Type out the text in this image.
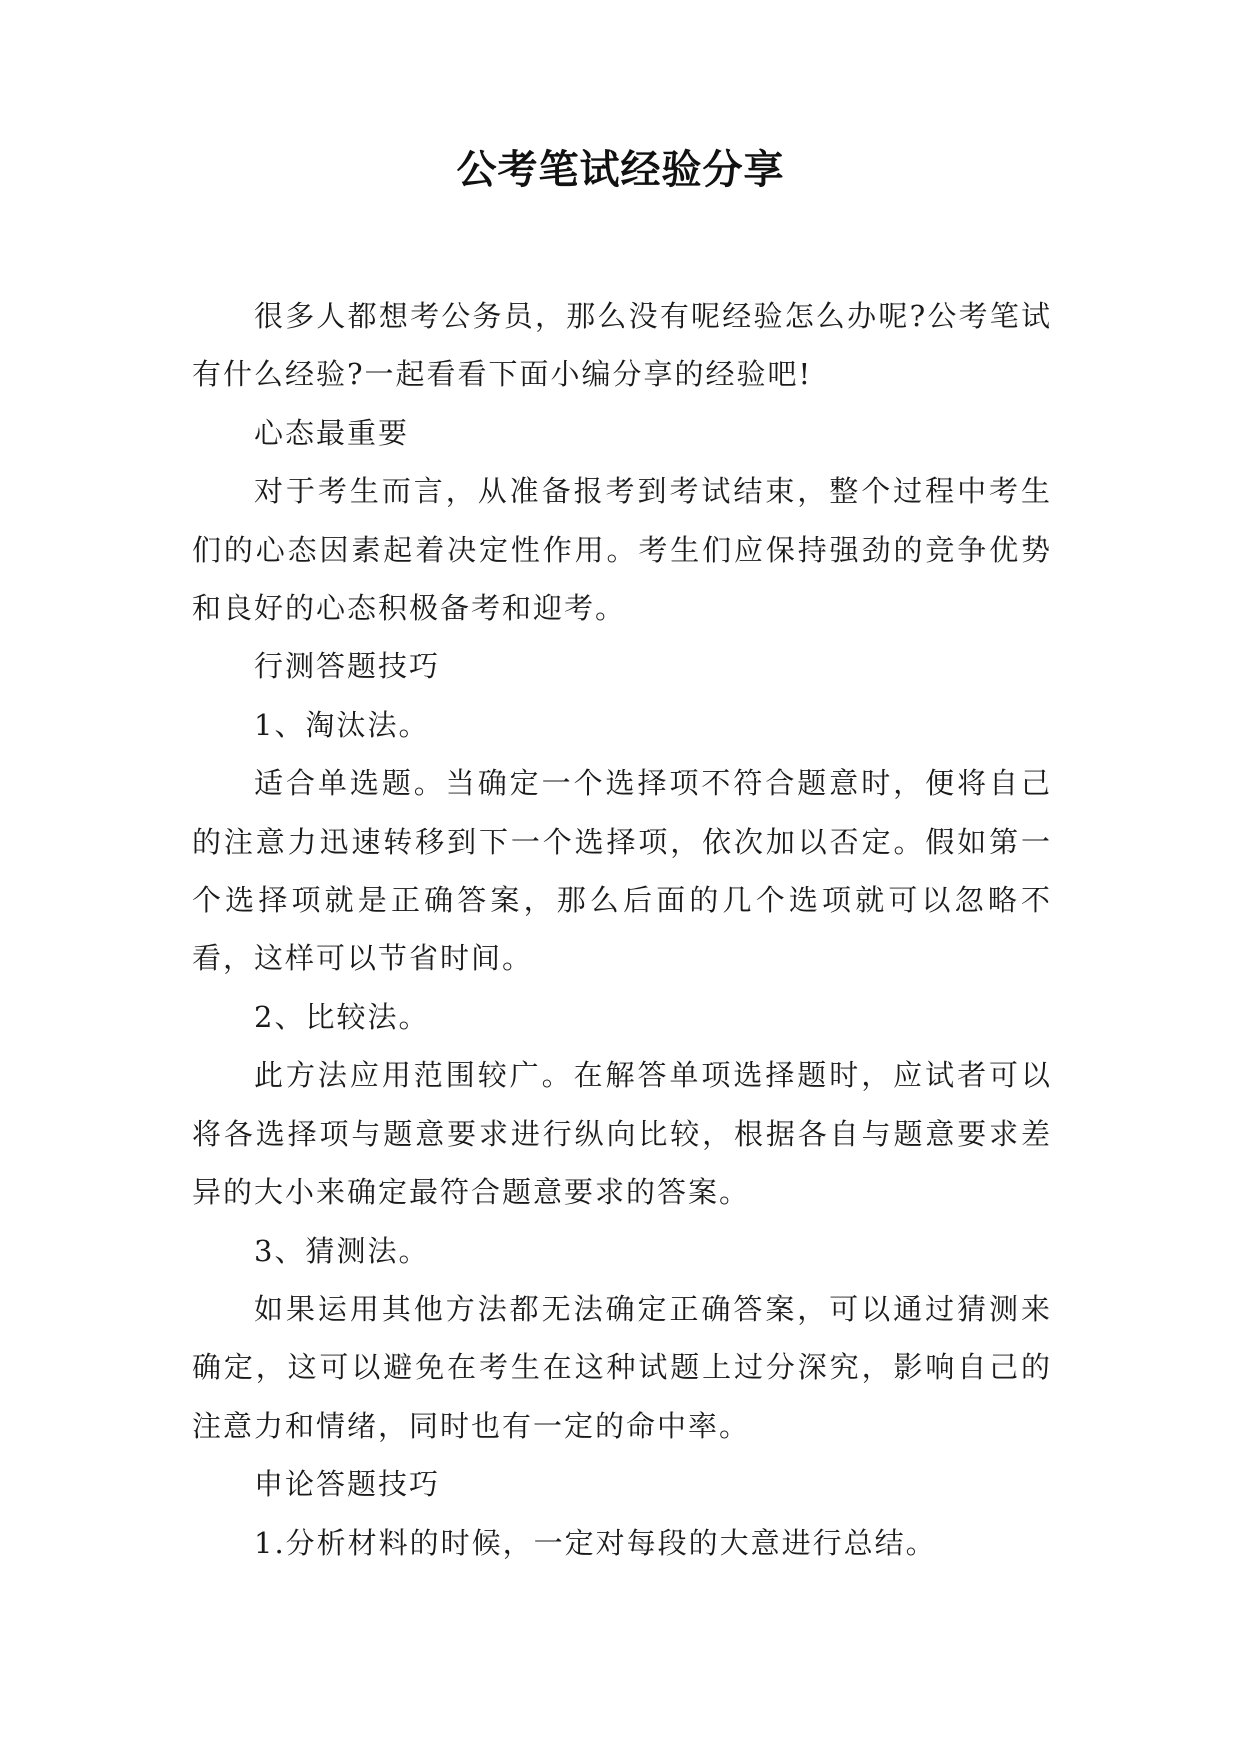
公考笔试经验分享

很多人都想考公务员，那么没有呢经验怎么办呢?公考笔试有什么经验?一起看看下面小编分享的经验吧!

心态最重要

对于考生而言，从准备报考到考试结束，整个过程中考生们的心态因素起着决定性作用。考生们应保持强劲的竞争优势和良好的心态积极备考和迎考。

行测答题技巧

1、淘汰法。

适合单选题。当确定一个选择项不符合题意时，便将自己的注意力迅速转移到下一个选择项，依次加以否定。假如第一个选择项就是正确答案，那么后面的几个选项就可以忽略不看，这样可以节省时间。

2、比较法。

此方法应用范围较广。在解答单项选择题时，应试者可以将各选择项与题意要求进行纵向比较，根据各自与题意要求差异的大小来确定最符合题意要求的答案。

3、猜测法。

如果运用其他方法都无法确定正确答案，可以通过猜测来确定，这可以避免在考生在这种试题上过分深究，影响自己的注意力和情绪，同时也有一定的命中率。

申论答题技巧

1.分析材料的时候，一定对每段的大意进行总结。
